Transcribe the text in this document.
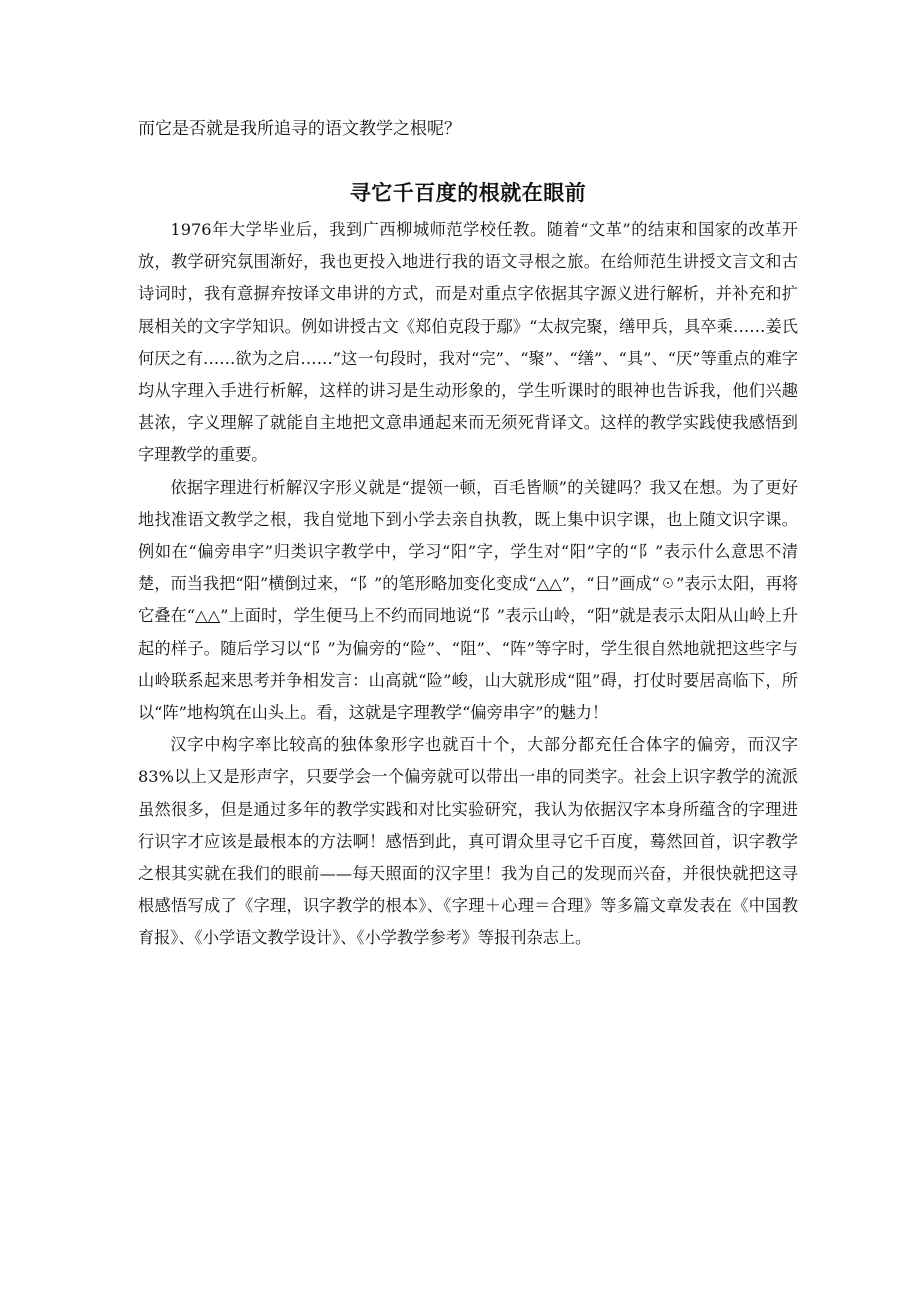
而它是否就是我所追寻的语文教学之根呢？

寻它千百度的根就在眼前

1976年大学毕业后，我到广西柳城师范学校任教。随着“文革”的结束和国家的改革开放，教学研究氛围渐好，我也更投入地进行我的语文寻根之旅。在给师范生讲授文言文和古诗词时，我有意摒弃按译文串讲的方式，而是对重点字依据其字源义进行解析，并补充和扩展相关的文字学知识。例如讲授古文《郑伯克段于鄢》“太叔完聚，缮甲兵，具卒乘……姜氏何厌之有……欲为之启……”这一句段时，我对“完”、“聚”、“缮”、“具”、“厌”等重点的难字均从字理入手进行析解，这样的讲习是生动形象的，学生听课时的眼神也告诉我，他们兴趣甚浓，字义理解了就能自主地把文意串通起来而无须死背译文。这样的教学实践使我感悟到字理教学的重要。

依据字理进行析解汉字形义就是“提领一顿，百毛皆顺”的关键吗？我又在想。为了更好地找准语文教学之根，我自觉地下到小学去亲自执教，既上集中识字课，也上随文识字课。例如在“偏旁串字”归类识字教学中，学习“阳”字，学生对“阳”字的“阝”表示什么意思不清楚，而当我把“阳”横倒过来，“阝”的笔形略加变化变成“△△”，“日”画成“☉”表示太阳，再将它叠在“△△”上面时，学生便马上不约而同地说“阝”表示山岭，“阳”就是表示太阳从山岭上升起的样子。随后学习以“阝”为偏旁的“险”、“阻”、“阵”等字时，学生很自然地就把这些字与山岭联系起来思考并争相发言：山高就“险”峻，山大就形成“阻”碍，打仗时要居高临下，所以“阵”地构筑在山头上。看，这就是字理教学“偏旁串字”的魅力！

汉字中构字率比较高的独体象形字也就百十个，大部分都充任合体字的偏旁，而汉字83%以上又是形声字，只要学会一个偏旁就可以带出一串的同类字。社会上识字教学的流派虽然很多，但是通过多年的教学实践和对比实验研究，我认为依据汉字本身所蕴含的字理进行识字才应该是最根本的方法啊！感悟到此，真可谓众里寻它千百度，蓦然回首，识字教学之根其实就在我们的眼前——每天照面的汉字里！我为自己的发现而兴奋，并很快就把这寻根感悟写成了《字理，识字教学的根本》、《字理＋心理＝合理》等多篇文章发表在《中国教育报》、《小学语文教学设计》、《小学教学参考》等报刊杂志上。
